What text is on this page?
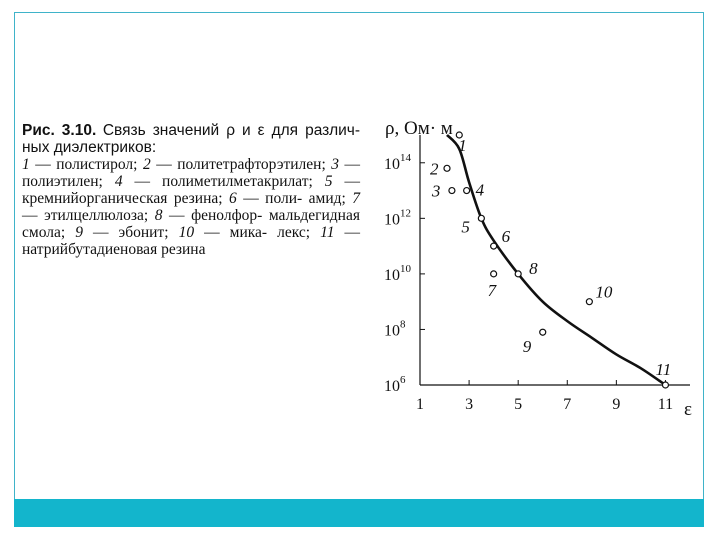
Рис. 3.10. Связь значений ρ и ε для различ- ных диэлектриков:
1 — полистирол; 2 — политетрафторэтилен; 3 — полиэтилен; 4 — полиметилметакрилат; 5 — кремнийорганическая резина; 6 — поли- амид; 7 — этилцеллюлоза; 8 — фенолфор- мальдегидная смола; 9 — эбонит; 10 — мика- лекс; 11 — натрийбутадиеновая резина
1	3	5	7	9 11
$10^6$
$10^8$
$10^{10}$
$10^{12}$
$10^{14}$
1
2
3 4
5
6
7
8
9
10
11
ρ, Ом· м
ε
